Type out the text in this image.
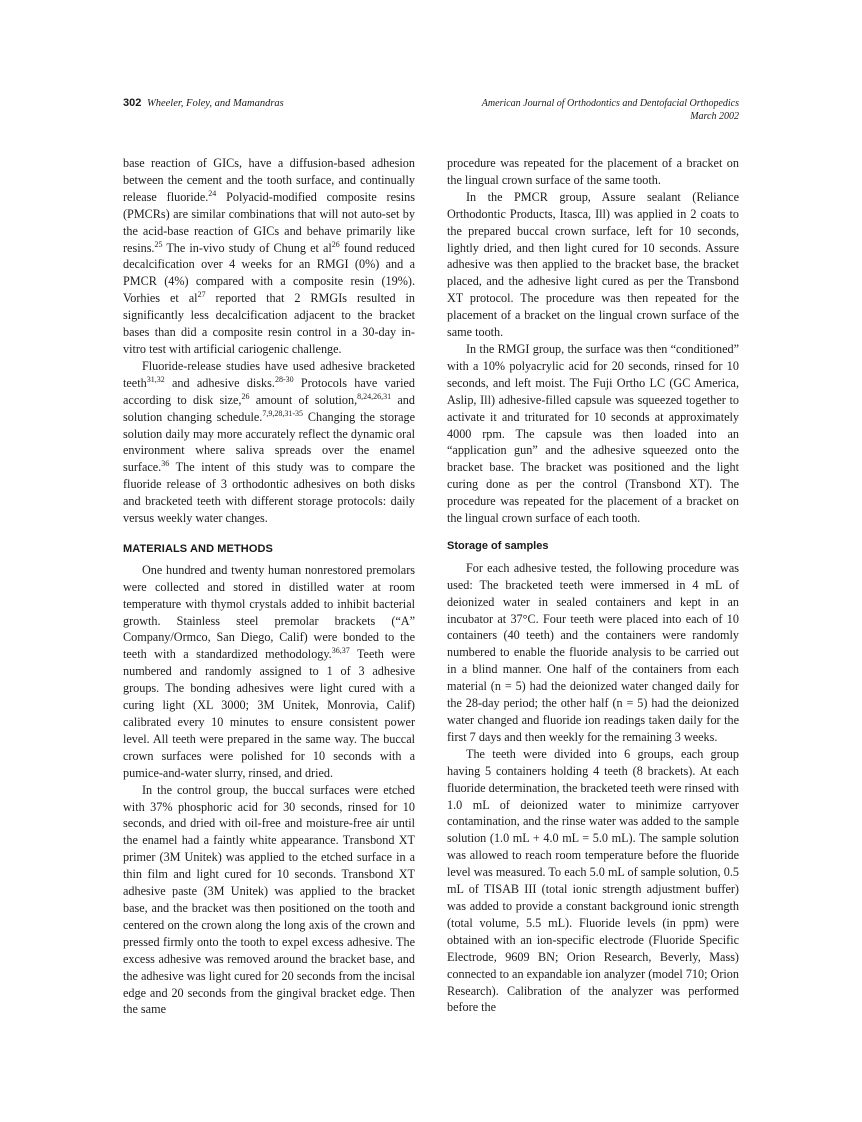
302 Wheeler, Foley, and Mamandras	American Journal of Orthodontics and Dentofacial Orthopedics
March 2002

base reaction of GICs, have a diffusion-based adhesion between the cement and the tooth surface, and continually release fluoride.$^{24}$ Polyacid-modified composite resins (PMCRs) are similar combinations that will not auto-set by the acid-base reaction of GICs and behave primarily like resins.$^{25}$ The in-vivo study of Chung et $al^{26}$ found reduced decalcification over 4 weeks for an RMGI (0%) and a PMCR (4%) compared with a composite resin (19%). Vorhies et $al^{27}$ reported that 2 RMGIs resulted in significantly less decalcification adjacent to the bracket bases than did a composite resin control in a 30-day in-vitro test with artificial cariogenic challenge.

Fluoride-release studies have used adhesive bracketed teeth$^{31,32}$ and adhesive disks.$^{28-30}$ Protocols have varied according to disk size,$^{26}$ amount of solution,$^{8,24,26,31}$ and solution changing schedule.$^{7,9,28,31-35}$ Changing the storage solution daily may more accurately reflect the dynamic oral environment where saliva spreads over the enamel surface.$^{36}$ The intent of this study was to compare the fluoride release of 3 orthodontic adhesives on both disks and bracketed teeth with different storage protocols: daily versus weekly water changes.

MATERIALS AND METHODS

One hundred and twenty human nonrestored premolars were collected and stored in distilled water at room temperature with thymol crystals added to inhibit bacterial growth. Stainless steel premolar brackets (“A” Company/Ormco, San Diego, Calif) were bonded to the teeth with a standardized methodology.$^{36,37}$ Teeth were numbered and randomly assigned to 1 of 3 adhesive groups. The bonding adhesives were light cured with a curing light (XL 3000; 3M Unitek, Monrovia, Calif) calibrated every 10 minutes to ensure consistent power level. All teeth were prepared in the same way. The buccal crown surfaces were polished for 10 seconds with a pumice-and-water slurry, rinsed, and dried.

In the control group, the buccal surfaces were etched with 37% phosphoric acid for 30 seconds, rinsed for 10 seconds, and dried with oil-free and moisture-free air until the enamel had a faintly white appearance. Transbond XT primer (3M Unitek) was applied to the etched surface in a thin film and light cured for 10 seconds. Transbond XT adhesive paste (3M Unitek) was applied to the bracket base, and the bracket was then positioned on the tooth and centered on the crown along the long axis of the crown and pressed firmly onto the tooth to expel excess adhesive. The excess adhesive was removed around the bracket base, and the adhesive was light cured for 20 seconds from the incisal edge and 20 seconds from the gingival bracket edge. Then the same

procedure was repeated for the placement of a bracket on the lingual crown surface of the same tooth.

In the PMCR group, Assure sealant (Reliance Orthodontic Products, Itasca, Ill) was applied in 2 coats to the prepared buccal crown surface, left for 10 seconds, lightly dried, and then light cured for 10 seconds. Assure adhesive was then applied to the bracket base, the bracket placed, and the adhesive light cured as per the Transbond XT protocol. The procedure was then repeated for the placement of a bracket on the lingual crown surface of the same tooth.

In the RMGI group, the surface was then “conditioned” with a 10% polyacrylic acid for 20 seconds, rinsed for 10 seconds, and left moist. The Fuji Ortho LC (GC America, Aslip, Ill) adhesive-filled capsule was squeezed together to activate it and triturated for 10 seconds at approximately 4000 rpm. The capsule was then loaded into an “application gun” and the adhesive squeezed onto the bracket base. The bracket was positioned and the light curing done as per the control (Transbond XT). The procedure was repeated for the placement of a bracket on the lingual crown surface of each tooth.

Storage of samples

For each adhesive tested, the following procedure was used: The bracketed teeth were immersed in 4 mL of deionized water in sealed containers and kept in an incubator at 37°C. Four teeth were placed into each of 10 containers (40 teeth) and the containers were randomly numbered to enable the fluoride analysis to be carried out in a blind manner. One half of the containers from each material (n = 5) had the deionized water changed daily for the 28-day period; the other half (n = 5) had the deionized water changed and fluoride ion readings taken daily for the first 7 days and then weekly for the remaining 3 weeks.

The teeth were divided into 6 groups, each group having 5 containers holding 4 teeth (8 brackets). At each fluoride determination, the bracketed teeth were rinsed with 1.0 mL of deionized water to minimize carryover contamination, and the rinse water was added to the sample solution (1.0 mL + 4.0 mL = 5.0 mL). The sample solution was allowed to reach room temperature before the fluoride level was measured. To each 5.0 mL of sample solution, 0.5 mL of TISAB III (total ionic strength adjustment buffer) was added to provide a constant background ionic strength (total volume, 5.5 mL). Fluoride levels (in ppm) were obtained with an ion-specific electrode (Fluoride Specific Electrode, 9609 BN; Orion Research, Beverly, Mass) connected to an expandable ion analyzer (model 710; Orion Research). Calibration of the analyzer was performed before the
